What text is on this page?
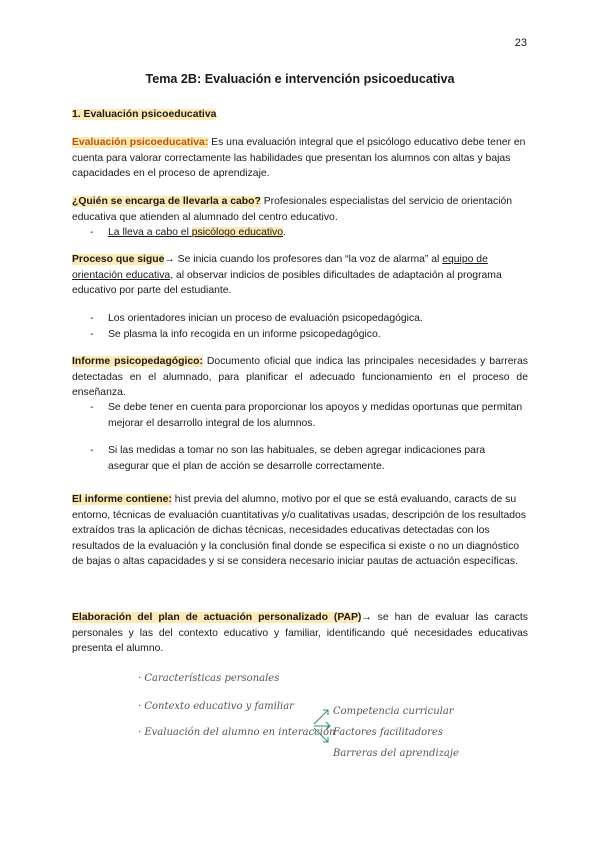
23
Tema 2B: Evaluación e intervención psicoeducativa
1. Evaluación psicoeducativa
Evaluación psicoeducativa: Es una evaluación integral que el psicólogo educativo debe tener en cuenta para valorar correctamente las habilidades que presentan los alumnos con altas y bajas capacidades en el proceso de aprendizaje.
¿Quién se encarga de llevarla a cabo? Profesionales especialistas del servicio de orientación educativa que atienden al alumnado del centro educativo.
- La lleva a cabo el psicólogo educativo.
Proceso que sigue→ Se inicia cuando los profesores dan “la voz de alarma” al equipo de
orientación educativa, al observar indicios de posibles dificultades de adaptación al programa educativo por parte del estudiante.
- Los orientadores inician un proceso de evaluación psicopedagógica.
- Se plasma la info recogida en un informe psicopedagógico.
Informe psicopedagógico: Documento oficial que indica las principales necesidades y barreras detectadas en el alumnado, para planificar el adecuado funcionamiento en el proceso de enseñanza.
- Se debe tener en cuenta para proporcionar los apoyos y medidas oportunas que permitan mejorar el desarrollo integral de los alumnos.
- Si las medidas a tomar no son las habituales, se deben agregar indicaciones para asegurar que el plan de acción se desarrolle correctamente.
El informe contiene: hist previa del alumno, motivo por el que se está evaluando, caracts de su entorno, técnicas de evaluación cuantitativas y/o cualitativas usadas, descripción de los resultados extraídos tras la aplicación de dichas técnicas, necesidades educativas detectadas con los resultados de la evaluación y la conclusión final donde se especifica si existe o no un diagnóstico de bajas o altas capacidades y si se considera necesario iniciar pautas de actuación específicas.
Elaboración del plan de actuación personalizado (PAP)→ se han de evaluar las caracts personales y las del contexto educativo y familiar, identificando qué necesidades educativas presenta el alumno.
· Características personales
· Contexto educativo y familiar
· Evaluación del alumno en interacción
Competencia curricular
Factores facilitadores
Barreras del aprendizaje
